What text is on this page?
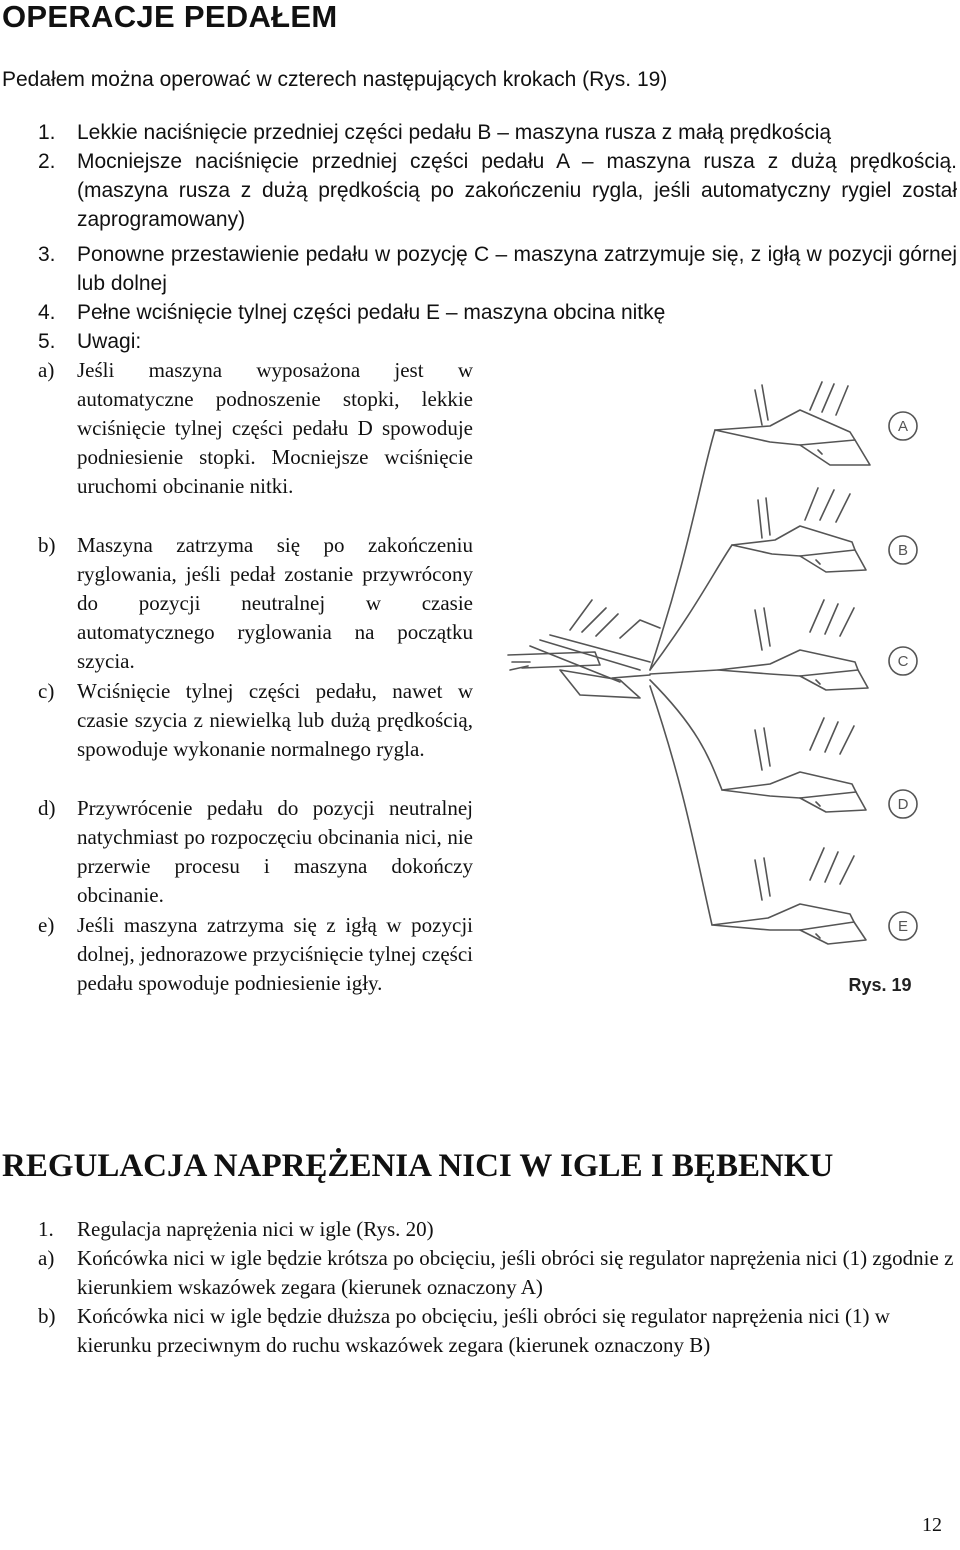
OPERACJE PEDAŁEM
Pedałem można operować w czterech następujących krokach (Rys. 19)
1. Lekkie naciśnięcie przedniej części pedału B – maszyna rusza z małą prędkością
2. Mocniejsze naciśnięcie przedniej części pedału A – maszyna rusza z dużą prędkością. (maszyna rusza z dużą prędkością po zakończeniu rygla, jeśli automatyczny rygiel został zaprogramowany)
3. Ponowne przestawienie pedału w pozycję C – maszyna zatrzymuje się, z igłą w pozycji górnej lub dolnej
4. Pełne wciśnięcie tylnej części pedału E – maszyna obcina nitkę
5. Uwagi:
a) Jeśli maszyna wyposażona jest w automatyczne podnoszenie stopki, lekkie wciśnięcie tylnej części pedału D spowoduje podniesienie stopki. Mocniejsze wciśnięcie uruchomi obcinanie nitki.
b) Maszyna zatrzyma się po zakończeniu ryglowania, jeśli pedał zostanie przywrócony do pozycji neutralnej w czasie automatycznego ryglowania na początku szycia.
c) Wciśnięcie tylnej części pedału, nawet w czasie szycia z niewielką lub dużą prędkością, spowoduje wykonanie normalnego rygla.
d) Przywrócenie pedału do pozycji neutralnej natychmiast po rozpoczęciu obcinania nici, nie przerwie procesu i maszyna dokończy obcinanie.
e) Jeśli maszyna zatrzyma się z igłą w pozycji dolnej, jednorazowe przyciśnięcie tylnej części pedału spowoduje podniesienie igły.
A
B
C
D
E
Rys. 19
REGULACJA NAPRĘŻENIA NICI W IGLE I BĘBENKU
1. Regulacja naprężenia nici w igle (Rys. 20)
a) Końcówka nici w igle będzie krótsza po obcięciu, jeśli obróci się regulator naprężenia nici (1) zgodnie z kierunkiem wskazówek zegara (kierunek oznaczony A)
b) Końcówka nici w igle będzie dłuższa po obcięciu, jeśli obróci się regulator naprężenia nici (1) w kierunku przeciwnym do ruchu wskazówek zegara (kierunek oznaczony B)
12
